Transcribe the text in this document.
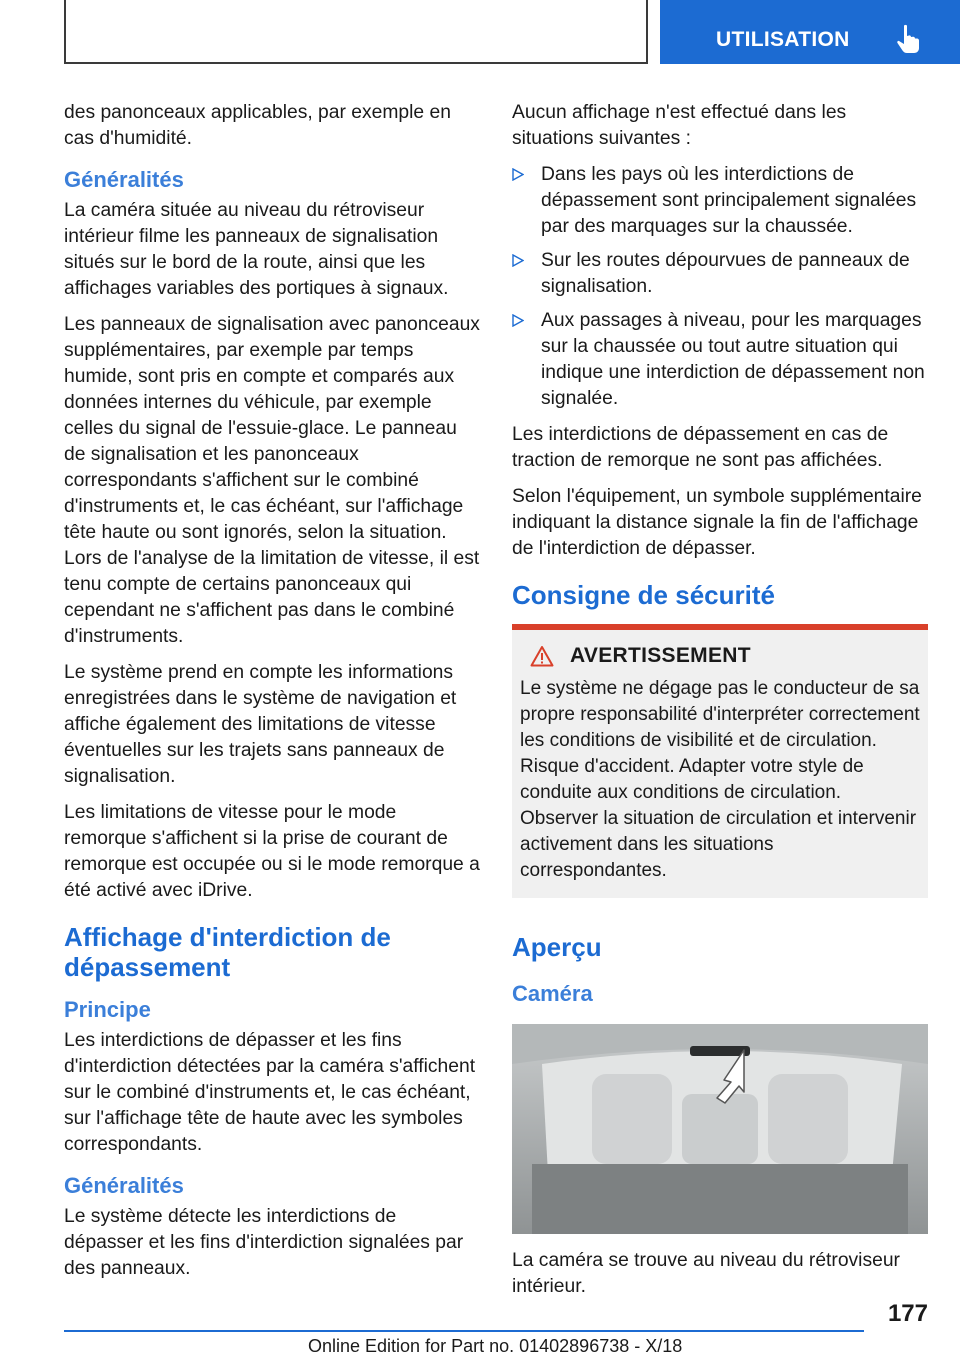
UTILISATION

des panonceaux applicables, par exemple en cas d'humidité.

Généralités

La caméra située au niveau du rétroviseur intérieur filme les panneaux de signalisation situés sur le bord de la route, ainsi que les affichages variables des portiques à signaux.

Les panneaux de signalisation avec panonceaux supplémentaires, par exemple par temps humide, sont pris en compte et comparés aux données internes du véhicule, par exemple celles du signal de l'essuie-glace. Le panneau de signalisation et les panonceaux correspondants s'affichent sur le combiné d'instruments et, le cas échéant, sur l'affichage tête haute ou sont ignorés, selon la situation. Lors de l'analyse de la limitation de vitesse, il est tenu compte de certains panonceaux qui cependant ne s'affichent pas dans le combiné d'instruments.

Le système prend en compte les informations enregistrées dans le système de navigation et affiche également des limitations de vitesse éventuelles sur les trajets sans panneaux de signalisation.

Les limitations de vitesse pour le mode remorque s'affichent si la prise de courant de remorque est occupée ou si le mode remorque a été activé avec iDrive.

Affichage d'interdiction de dépassement
Principe

Les interdictions de dépasser et les fins d'interdiction détectées par la caméra s'affichent sur le combiné d'instruments et, le cas échéant, sur l'affichage tête de haute avec les symboles correspondants.

Généralités

Le système détecte les interdictions de dépasser et les fins d'interdiction signalées par des panneaux.

Aucun affichage n'est effectué dans les situations suivantes :

Dans les pays où les interdictions de dépassement sont principalement signalées par des marquages sur la chaussée.
Sur les routes dépourvues de panneaux de signalisation.
Aux passages à niveau, pour les marquages sur la chaussée ou tout autre situation qui indique une interdiction de dépassement non signalée.

Les interdictions de dépassement en cas de traction de remorque ne sont pas affichées.

Selon l'équipement, un symbole supplémentaire indiquant la distance signale la fin de l'affichage de l'interdiction de dépasser.

Consigne de sécurité
AVERTISSEMENT

Le système ne dégage pas le conducteur de sa propre responsabilité d'interpréter correctement les conditions de visibilité et de circulation. Risque d'accident. Adapter votre style de conduite aux conditions de circulation. Observer la situation de circulation et intervenir activement dans les situations correspondantes.

Aperçu
Caméra

La caméra se trouve au niveau du rétroviseur intérieur.

177
Online Edition for Part no. 01402896738 - X/18
